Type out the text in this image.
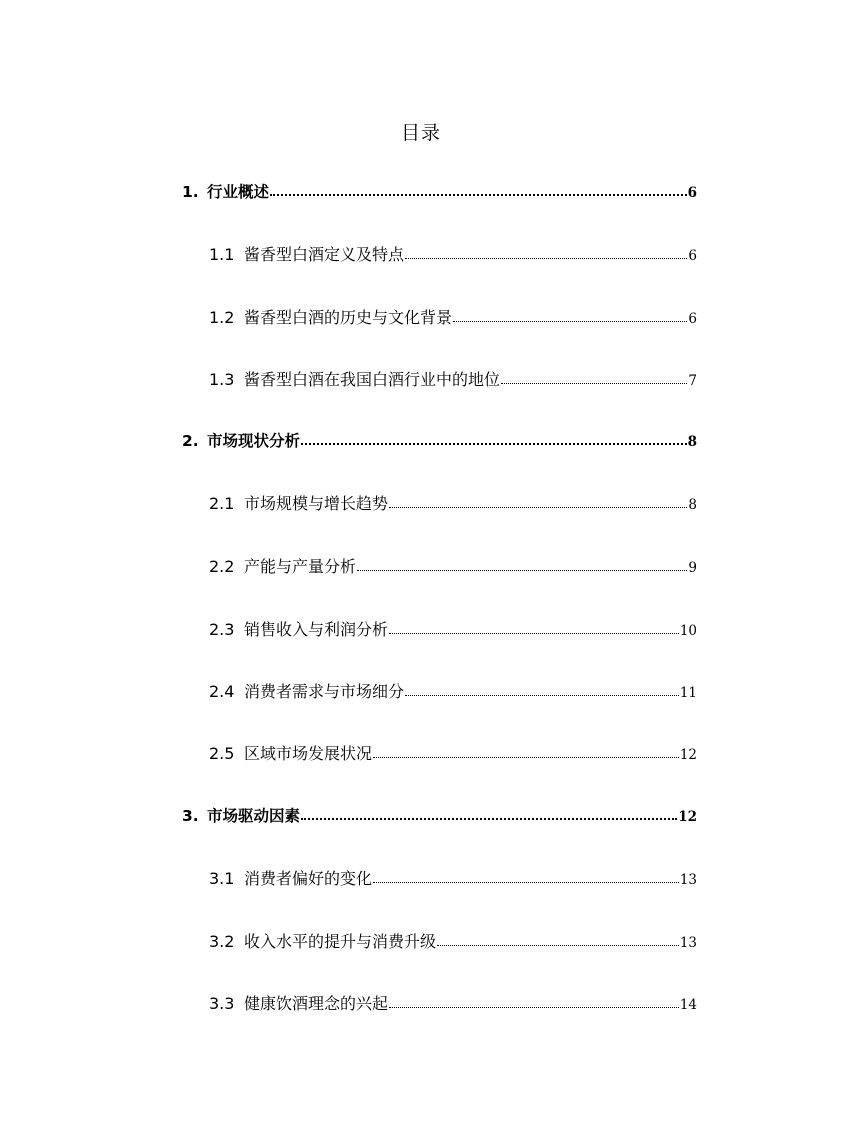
目录
1. 行业概述	6
1.1 酱香型白酒定义及特点	6
1.2 酱香型白酒的历史与文化背景	6
1.3 酱香型白酒在我国白酒行业中的地位	7
2. 市场现状分析	8
2.1 市场规模与增长趋势	8
2.2 产能与产量分析	9
2.3 销售收入与利润分析	10
2.4 消费者需求与市场细分	11
2.5 区域市场发展状况	12
3. 市场驱动因素	12
3.1 消费者偏好的变化	13
3.2 收入水平的提升与消费升级	13
3.3 健康饮酒理念的兴起	14
